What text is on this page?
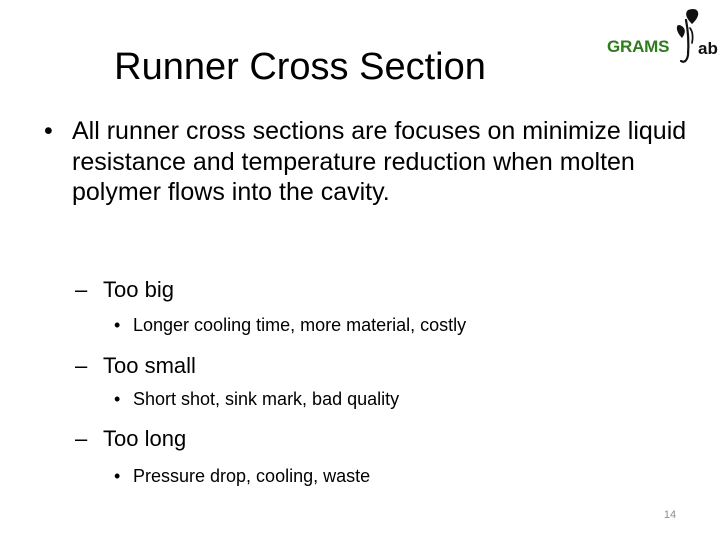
Runner Cross Section	GRAMS ab
• All runner cross sections are focuses on minimize liquid resistance and temperature reduction when molten polymer flows into the cavity.
– Too big
• Longer cooling time, more material, costly
– Too small
• Short shot, sink mark, bad quality
– Too long
• Pressure drop, cooling, waste
14
